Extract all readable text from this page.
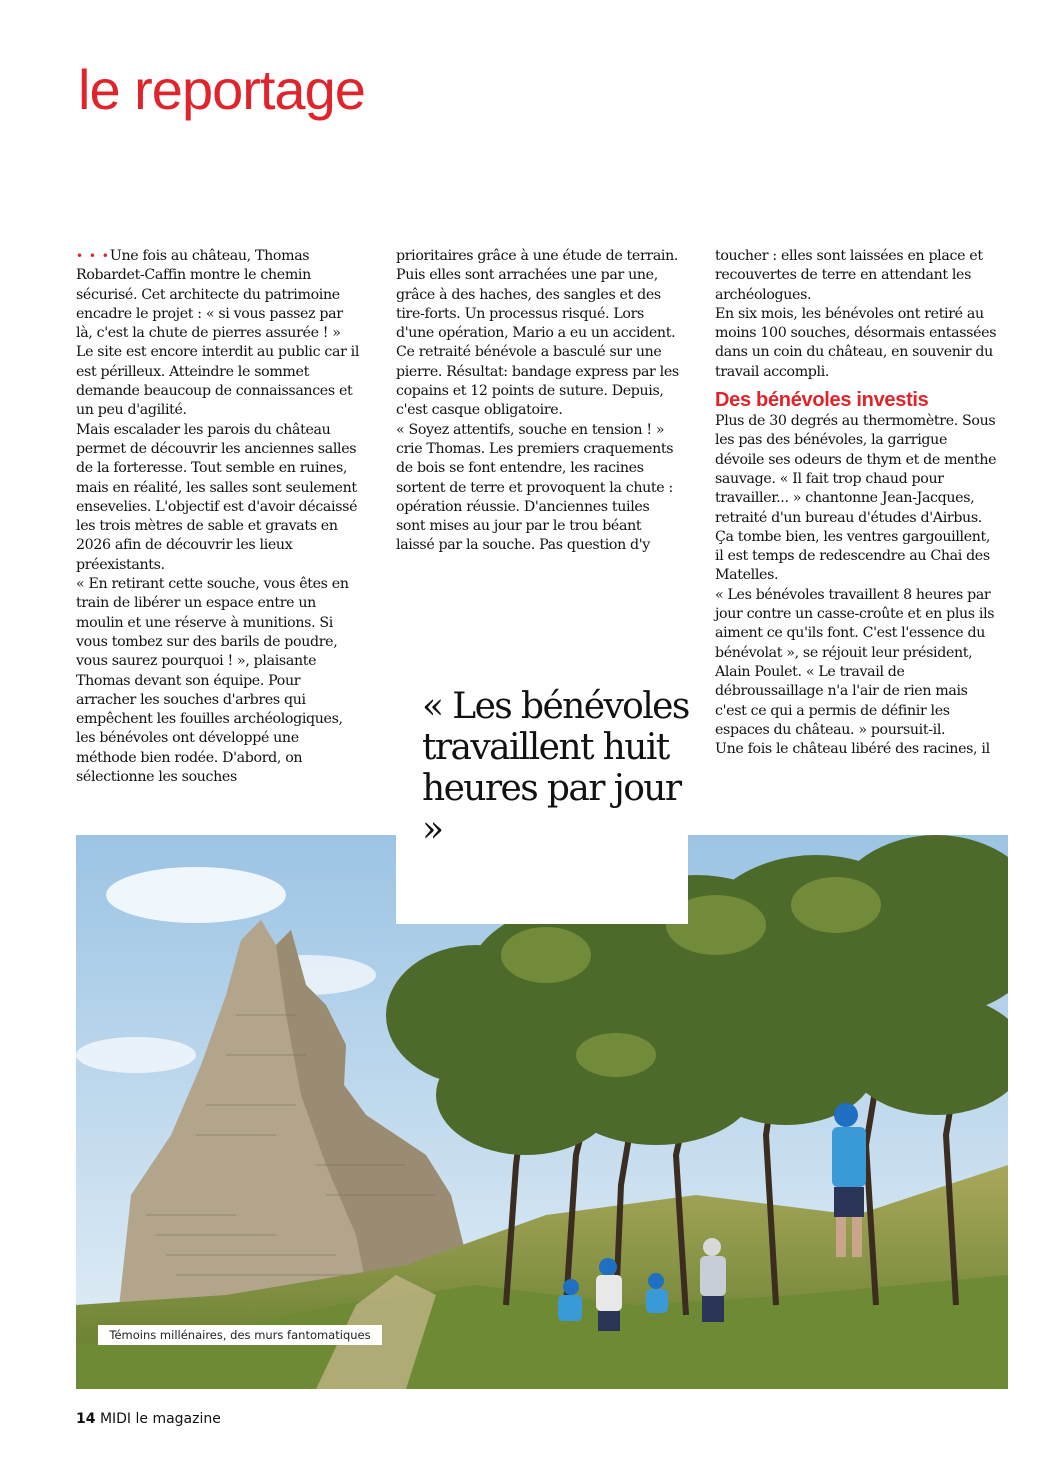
le reportage

• • •Une fois au château, Thomas Robardet-Caffin montre le chemin sécurisé. Cet architecte du patrimoine encadre le projet : « si vous passez par là, c'est la chute de pierres assurée ! »

Le site est encore interdit au public car il est périlleux. Atteindre le sommet demande beaucoup de connaissances et un peu d'agilité.

Mais escalader les parois du château permet de découvrir les anciennes salles de la forteresse. Tout semble en ruines, mais en réalité, les salles sont seulement ensevelies. L'objectif est d'avoir décaissé les trois mètres de sable et gravats en 2026 afin de découvrir les lieux préexistants.

« En retirant cette souche, vous êtes en train de libérer un espace entre un moulin et une réserve à munitions. Si vous tombez sur des barils de poudre, vous saurez pourquoi ! », plaisante Thomas devant son équipe. Pour arracher les souches d'arbres qui empêchent les fouilles archéologiques, les bénévoles ont développé une méthode bien rodée. D'abord, on sélectionne les souches

prioritaires grâce à une étude de terrain. Puis elles sont arrachées une par une, grâce à des haches, des sangles et des tire-forts. Un processus risqué. Lors d'une opération, Mario a eu un accident. Ce retraité bénévole a basculé sur une pierre. Résultat: bandage express par les copains et 12 points de suture. Depuis, c'est casque obligatoire.

« Soyez attentifs, souche en tension ! » crie Thomas. Les premiers craquements de bois se font entendre, les racines sortent de terre et provoquent la chute : opération réussie. D'anciennes tuiles sont mises au jour par le trou béant laissé par la souche. Pas question d'y

toucher : elles sont laissées en place et recouvertes de terre en attendant les archéologues.

En six mois, les bénévoles ont retiré au moins 100 souches, désormais entassées dans un coin du château, en souvenir du travail accompli.

Des bénévoles investis

Plus de 30 degrés au thermomètre. Sous les pas des bénévoles, la garrigue dévoile ses odeurs de thym et de menthe sauvage. « Il fait trop chaud pour travailler... » chantonne Jean-Jacques, retraité d'un bureau d'études d'Airbus. Ça tombe bien, les ventres gargouillent, il est temps de redescendre au Chai des Matelles.

« Les bénévoles travaillent 8 heures par jour contre un casse-croûte et en plus ils aiment ce qu'ils font. C'est l'essence du bénévolat », se réjouit leur président, Alain Poulet. « Le travail de débroussaillage n'a l'air de rien mais c'est ce qui a permis de définir les espaces du château. » poursuit-il.

Une fois le château libéré des racines, il

« Les bénévoles travaillent huit heures par jour »

Témoins millénaires, des murs fantomatiques
14 MIDI le magazine
